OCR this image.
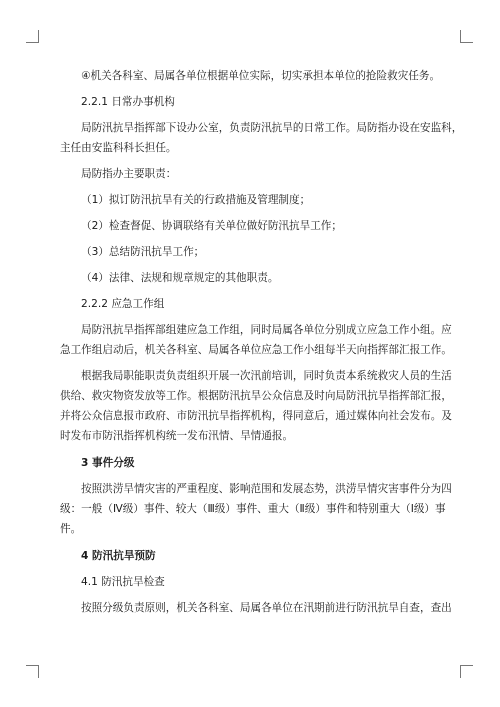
④机关各科室、局属各单位根据单位实际，切实承担本单位的抢险救灾任务。

2.2.1 日常办事机构

局防汛抗旱指挥部下设办公室，负责防汛抗旱的日常工作。局防指办设在安监科，

主任由安监科科长担任。

局防指办主要职责：

（1）拟订防汛抗旱有关的行政措施及管理制度；

（2）检查督促、协调联络有关单位做好防汛抗旱工作；

（3）总结防汛抗旱工作；

（4）法律、法规和规章规定的其他职责。

2.2.2 应急工作组

局防汛抗旱指挥部组建应急工作组，同时局属各单位分别成立应急工作小组。应

急工作组启动后，机关各科室、局属各单位应急工作小组每半天向指挥部汇报工作。

根据我局职能职责负责组织开展一次汛前培训，同时负责本系统救灾人员的生活

供给、救灾物资发放等工作。根据防汛抗旱公众信息及时向局防汛抗旱指挥部汇报，

并将公众信息报市政府、市防汛抗旱指挥机构，得同意后，通过媒体向社会发布。及

时发布市防汛指挥机构统一发布汛情、旱情通报。

3 事件分级

按照洪涝旱情灾害的严重程度、影响范围和发展态势，洪涝旱情灾害事件分为四

级：一般（Ⅳ级）事件、较大（Ⅲ级）事件、重大（Ⅱ级）事件和特别重大（Ⅰ级）事

件。

4 防汛抗旱预防

4.1 防汛抗旱检查

按照分级负责原则，机关各科室、局属各单位在汛期前进行防汛抗旱自查，查出
